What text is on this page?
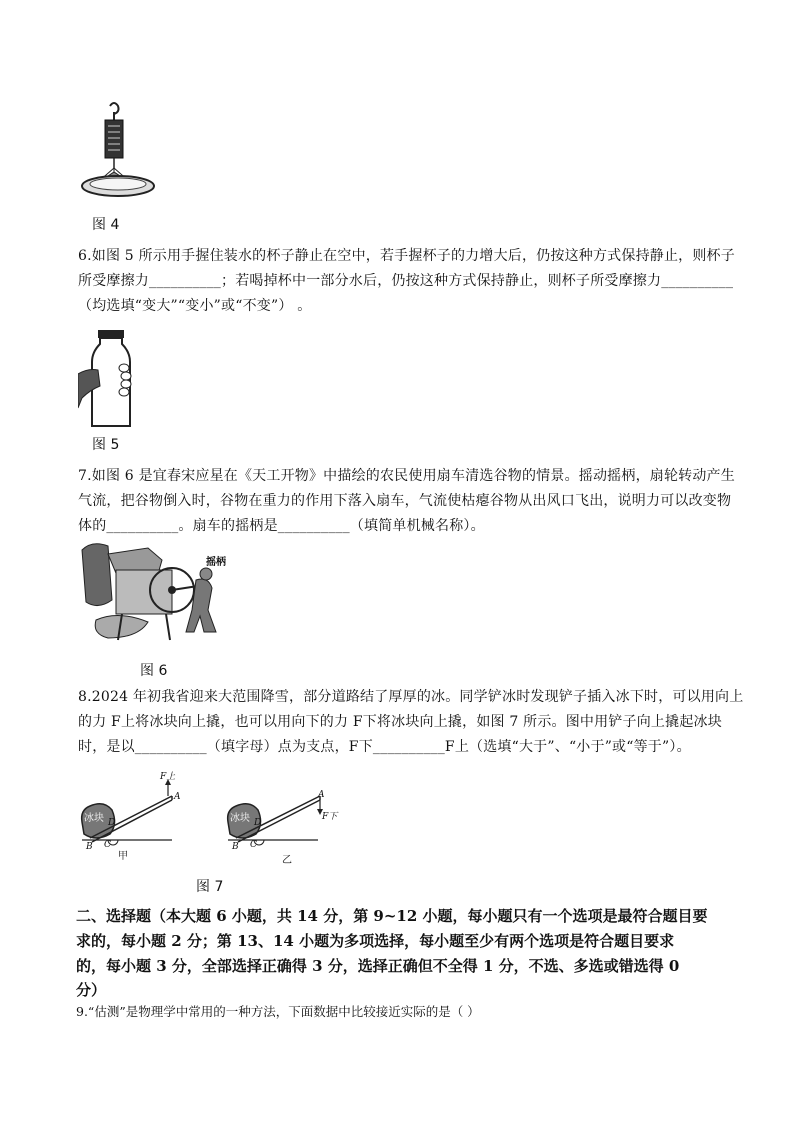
图 4
6.如图 5 所示用手握住装水的杯子静止在空中，若手握杯子的力增大后，仍按这种方式保持静止，则杯子
所受摩擦力__________；若喝掉杯中一部分水后，仍按这种方式保持静止，则杯子所受摩擦力__________
（均选填“变大”“变小”或“不变”） 。
图 5
7.如图 6 是宜春宋应星在《天工开物》中描绘的农民使用扇车清选谷物的情景。摇动摇柄，扇轮转动产生
气流，把谷物倒入时，谷物在重力的作用下落入扇车，气流使枯瘪谷物从出风口飞出，说明力可以改变物
体的__________。扇车的摇柄是__________（填简单机械名称）。
摇柄
图 6
8.2024 年初我省迎来大范围降雪，部分道路结了厚厚的冰。同学铲冰时发现铲子插入冰下时，可以用向上
的力 F上将冰块向上撬，也可以用向下的力 F下将冰块向上撬，如图 7 所示。图中用铲子向上撬起冰块
时，是以__________（填字母）点为支点，F下__________F上（选填“大于”、“小于”或“等于”）。
冰块
F上
A
D
B C
甲
冰块
A
F下
D
B C
乙
图 7
二、选择题（本大题 6 小题，共 14 分，第 9~12 小题，每小题只有一个选项是最符合题目要
求的，每小题 2 分；第 13、14 小题为多项选择，每小题至少有两个选项是符合题目要求
的，每小题 3 分，全部选择正确得 3 分，选择正确但不全得 1 分，不选、多选或错选得 0
分）
9.“估测”是物理学中常用的一种方法，下面数据中比较接近实际的是（ ）
